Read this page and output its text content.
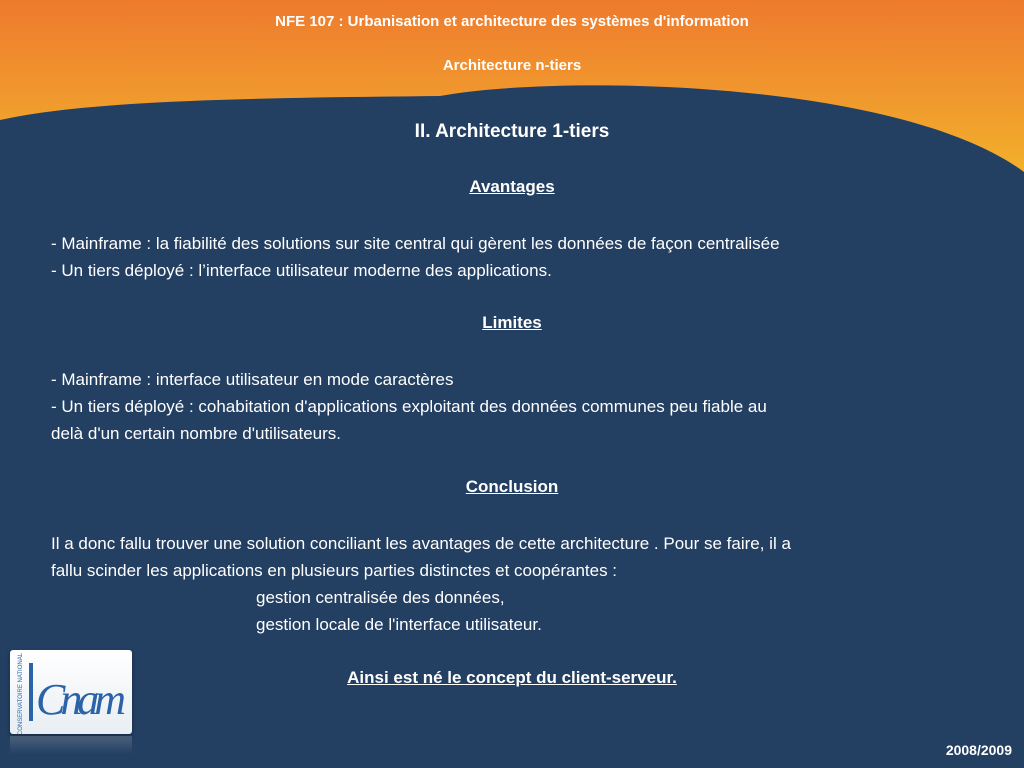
NFE 107 : Urbanisation et architecture des systèmes d'information
Architecture n-tiers
II. Architecture 1-tiers
Avantages
- Mainframe : la fiabilité des solutions sur site central qui gèrent les données de façon centralisée
- Un tiers déployé : l’interface utilisateur moderne des applications.
Limites
- Mainframe : interface utilisateur en mode caractères
- Un tiers déployé : cohabitation d'applications exploitant des données communes peu fiable au
delà d'un certain nombre d'utilisateurs.
Conclusion
Il a donc fallu trouver une solution conciliant les avantages de cette architecture . Pour se faire, il a
fallu scinder les applications en plusieurs parties distinctes et coopérantes :
gestion centralisée des données,
gestion locale de l'interface utilisateur.
Ainsi est né le concept du client-serveur.
CONSERVATOIRE NATIONAL Cnam
2008/2009
